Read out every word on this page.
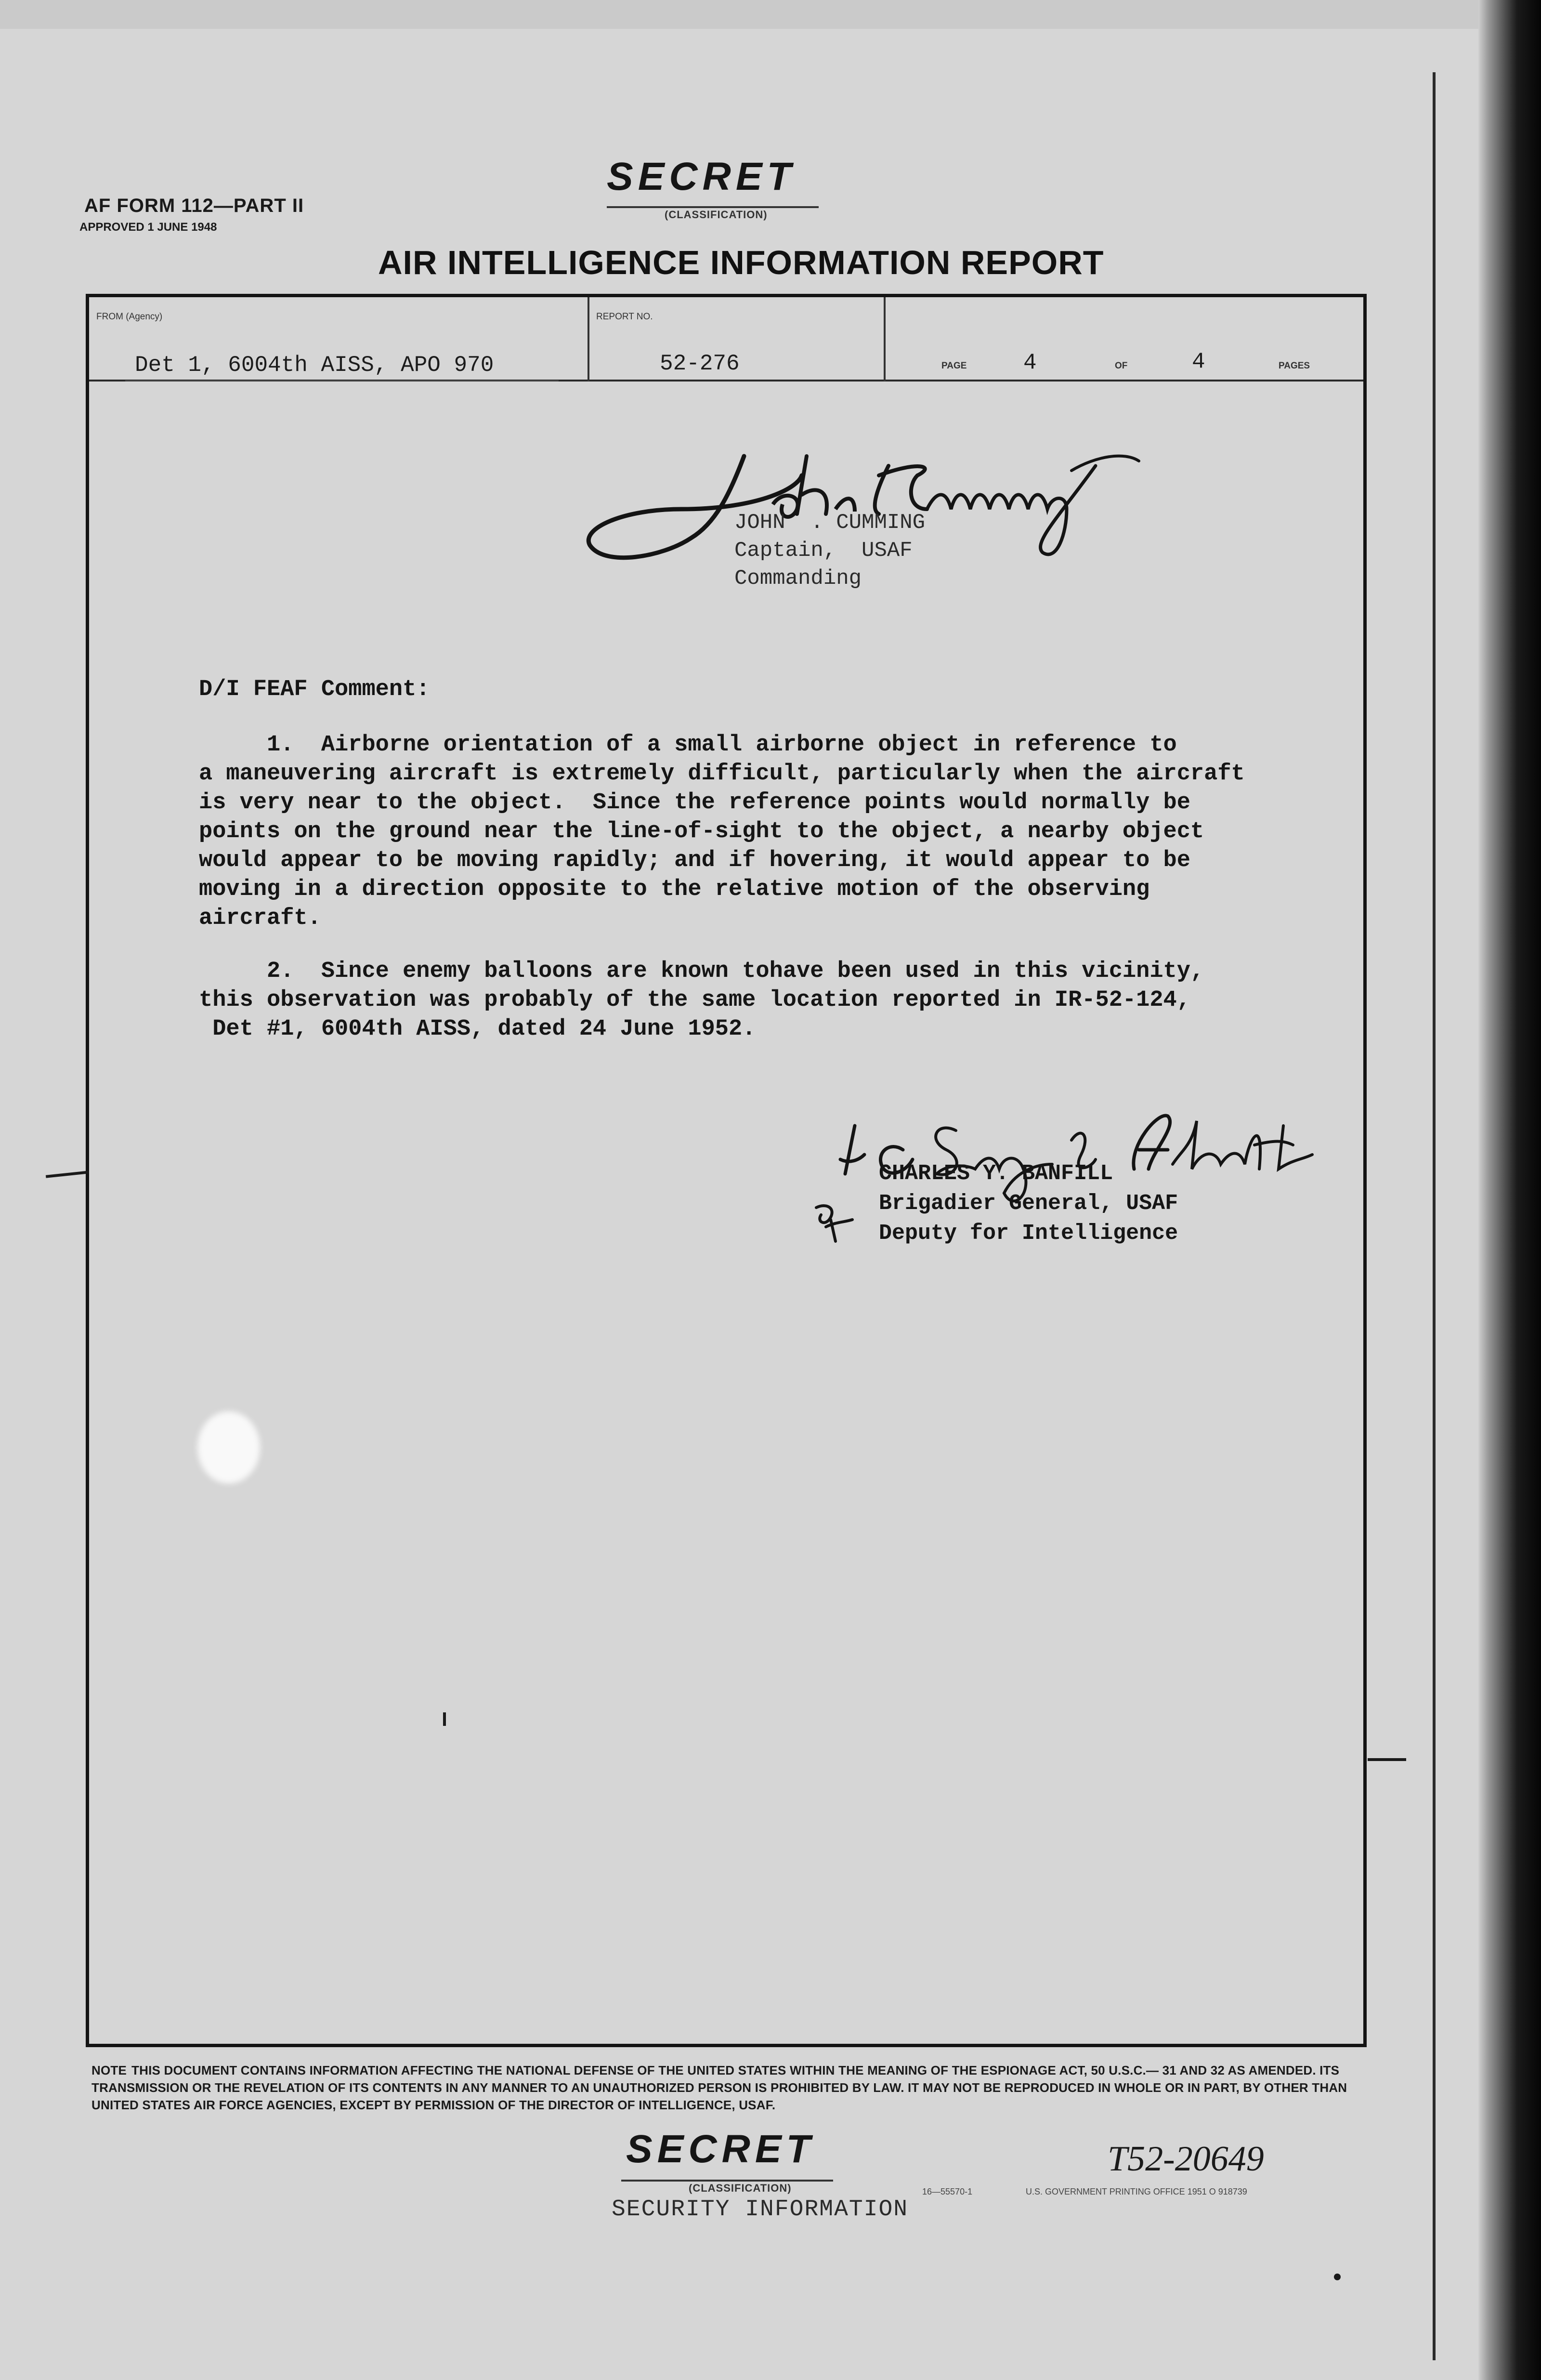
AF FORM 112—PART II
APPROVED 1 JUNE 1948
SECRET
(CLASSIFICATION)
AIR INTELLIGENCE INFORMATION REPORT
FROM (Agency)
Det 1, 6004th AISS, APO 970
REPORT NO.
52-276	PAGE	4	OF	4	PAGES
JOHN  . CUMMING
Captain,  USAF
Commanding
D/I FEAF Comment:
1.  Airborne orientation of a small airborne object in reference to
a maneuvering aircraft is extremely difficult, particularly when the aircraft
is very near to the object.  Since the reference points would normally be
points on the ground near the line-of-sight to the object, a nearby object
would appear to be moving rapidly; and if hovering, it would appear to be
moving in a direction opposite to the relative motion of the observing
aircraft.
2.  Since enemy balloons are known tohave been used in this vicinity,
this observation was probably of the same location reported in IR-52-124,
Det #1, 6004th AISS, dated 24 June 1952.
CHARLES Y. BANFILL
Brigadier General, USAF
Deputy for Intelligence
NOTE THIS DOCUMENT CONTAINS INFORMATION AFFECTING THE NATIONAL DEFENSE OF THE UNITED STATES WITHIN THE MEANING OF THE ESPIONAGE ACT, 50 U.S.C.— 31 AND 32 AS AMENDED. ITS TRANSMISSION OR THE REVELATION OF ITS CONTENTS IN ANY MANNER TO AN UNAUTHORIZED PERSON IS PROHIBITED BY LAW. IT MAY NOT BE REPRODUCED IN WHOLE OR IN PART, BY OTHER THAN UNITED STATES AIR FORCE AGENCIES, EXCEPT BY PERMISSION OF THE DIRECTOR OF INTELLIGENCE, USAF.
SECRET
(CLASSIFICATION)
SECURITY INFORMATION
16—55570-1	U.S. GOVERNMENT PRINTING OFFICE 1951 O 918739
T52-20649
